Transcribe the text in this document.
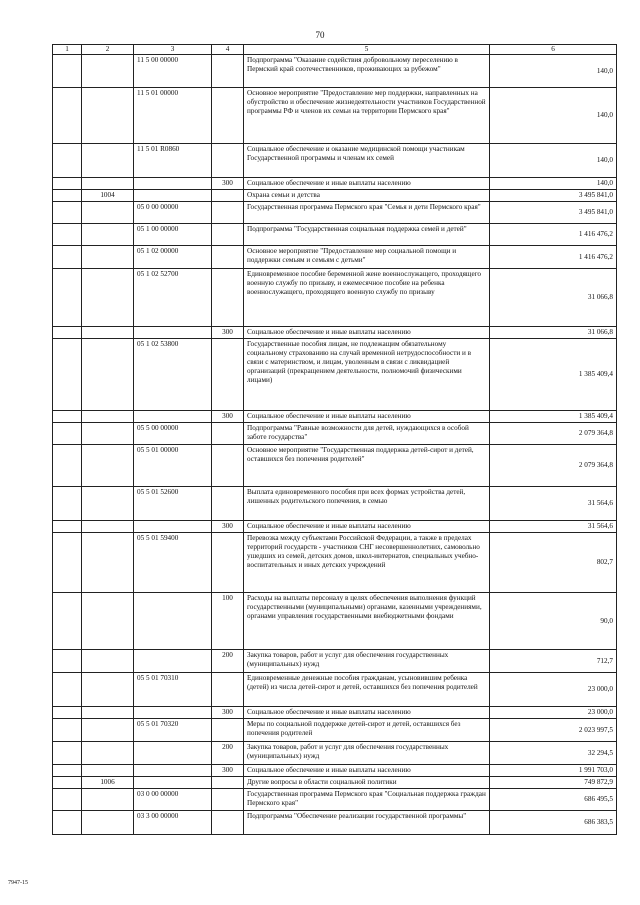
70
1	2	3	4	5	6
		11 5 00 00000		Подпрограмма "Оказание содействия добровольному переселению в Пермский край соотечественников, проживающих за рубежом"	140,0
		11 5 01 00000		Основное мероприятие "Предоставление мер поддержки, направленных на обустройство и обеспечение жизнедеятельности участников Государственной программы РФ и членов их семьи на территории Пермского края"	140,0
		11 5 01 R0860		Социальное обеспечение и оказание медицинской помощи участникам Государственной программы и членам их семей	140,0
			300	Социальное обеспечение и иные выплаты населению	140,0
	1004			Охрана семьи и детства	3 495 841,0
		05 0 00 00000		Государственная программа Пермского края "Семья и дети Пермского края"	3 495 841,0
		05 1 00 00000		Подпрограмма "Государственная социальная поддержка семей и детей"	1 416 476,2
		05 1 02 00000		Основное мероприятие "Предоставление мер социальной помощи и поддержки семьям и семьям с детьми"	1 416 476,2
		05 1 02 52700		Единовременное пособие беременной жене военнослужащего, проходящего военную службу по призыву, и ежемесячное пособие на ребенка военнослужащего, проходящего военную службу по призыву	31 066,8
			300	Социальное обеспечение и иные выплаты населению	31 066,8
		05 1 02 53800		Государственные пособия лицам, не подлежащим обязательному социальному страхованию на случай временной нетрудоспособности и в связи с материнством, и лицам, уволенным в связи с ликвидацией организаций (прекращением деятельности, полномочий физическими лицами)	1 385 409,4
			300	Социальное обеспечение и иные выплаты населению	1 385 409,4
		05 5 00 00000		Подпрограмма "Равные возможности для детей, нуждающихся в особой заботе государства"	2 079 364,8
		05 5 01 00000		Основное мероприятие "Государственная поддержка детей-сирот и детей, оставшихся без попечения родителей"	2 079 364,8
		05 5 01 52600		Выплата единовременного пособия при всех формах устройства детей, лишенных родительского попечения, в семью	31 564,6
			300	Социальное обеспечение и иные выплаты населению	31 564,6
		05 5 01 59400		Перевозка между субъектами Российской Федерации, а также в пределах территорий государств - участников СНГ несовершеннолетних, самовольно ушедших из семей, детских домов, школ-интернатов, специальных учебно-воспитательных и иных детских учреждений	802,7
			100	Расходы на выплаты персоналу в целях обеспечения выполнения функций государственными (муниципальными) органами, казенными учреждениями, органами управления государственными внебюджетными фондами	90,0
			200	Закупка товаров, работ и услуг для обеспечения государственных (муниципальных) нужд	712,7
		05 5 01 70310		Единовременные денежные пособия гражданам, усыновившим ребенка (детей) из числа детей-сирот и детей, оставшихся без попечения родителей	23 000,0
			300	Социальное обеспечение и иные выплаты населению	23 000,0
		05 5 01 70320		Меры по социальной поддержке детей-сирот и детей, оставшихся без попечения родителей	2 023 997,5
			200	Закупка товаров, работ и услуг для обеспечения государственных (муниципальных) нужд	32 294,5
			300	Социальное обеспечение и иные выплаты населению	1 991 703,0
	1006			Другие вопросы в области социальной политики	749 872,9
		03 0 00 00000		Государственная программа Пермского края "Социальная поддержка граждан Пермского края"	686 495,5
		03 3 00 00000		Подпрограмма "Обеспечение реализации государственной программы"	686 383,5
7947-15
